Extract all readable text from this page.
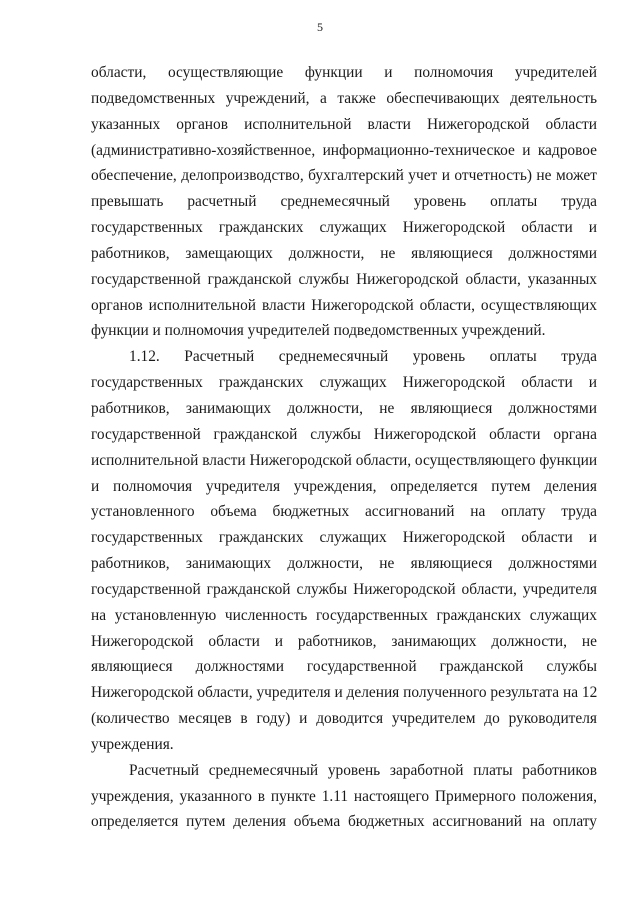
5
области, осуществляющие функции и полномочия учредителей
подведомственных учреждений, а также обеспечивающих деятельность
указанных органов исполнительной власти Нижегородской области
(административно-хозяйственное, информационно-техническое и кадровое
обеспечение, делопроизводство, бухгалтерский учет и отчетность) не может
превышать расчетный среднемесячный уровень оплаты труда
государственных гражданских служащих Нижегородской области и
работников, замещающих должности, не являющиеся должностями
государственной гражданской службы Нижегородской области, указанных
органов исполнительной власти Нижегородской области, осуществляющих
функции и полномочия учредителей подведомственных учреждений.
1.12. Расчетный среднемесячный уровень оплаты труда
государственных гражданских служащих Нижегородской области и
работников, занимающих должности, не являющиеся должностями
государственной гражданской службы Нижегородской области органа
исполнительной власти Нижегородской области, осуществляющего функции
и полномочия учредителя учреждения, определяется путем деления
установленного объема бюджетных ассигнований на оплату труда
государственных гражданских служащих Нижегородской области и
работников, занимающих должности, не являющиеся должностями
государственной гражданской службы Нижегородской области, учредителя
на установленную численность государственных гражданских служащих
Нижегородской области и работников, занимающих должности, не
являющиеся должностями государственной гражданской службы
Нижегородской области, учредителя и деления полученного результата на 12
(количество месяцев в году) и доводится учредителем до руководителя
учреждения.
Расчетный среднемесячный уровень заработной платы работников
учреждения, указанного в пункте 1.11 настоящего Примерного положения,
определяется путем деления объема бюджетных ассигнований на оплату
